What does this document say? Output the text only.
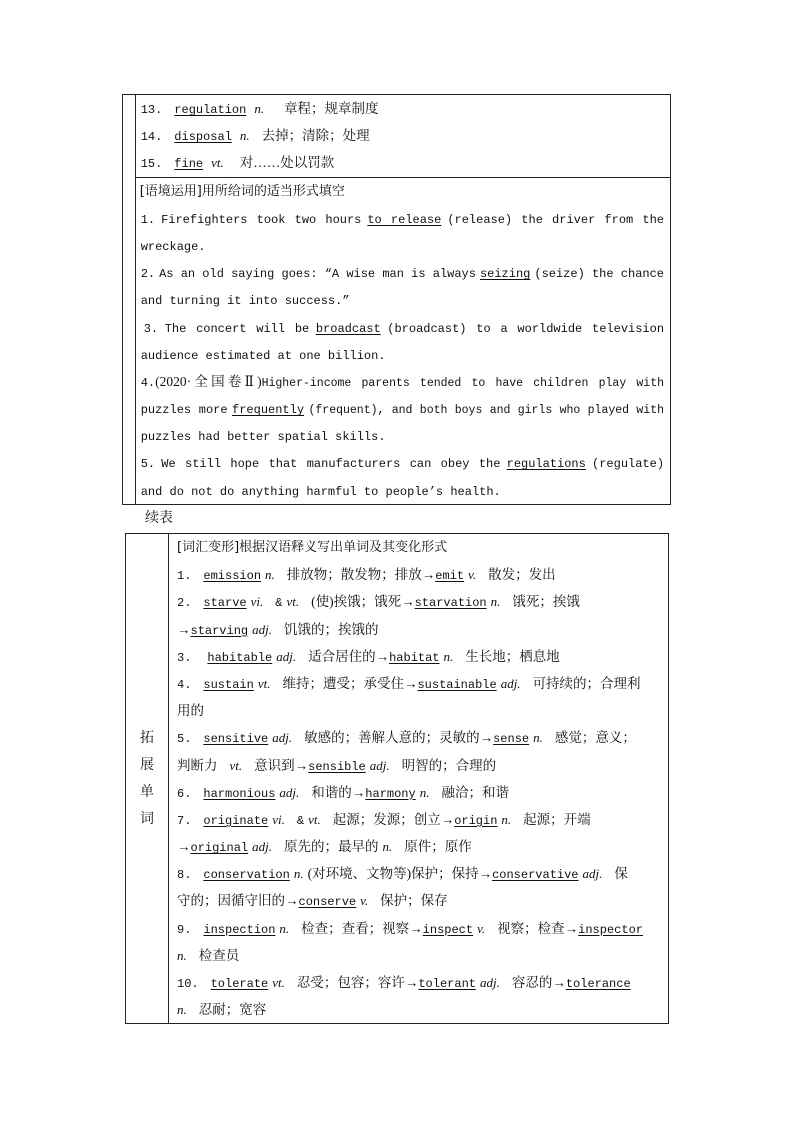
13. regulation n. 章程；规章制度
14. disposal n. 去掉；清除；处理
15. fine vt. 对……处以罚款

[语境运用]用所给词的适当形式填空
1. Firefighters took two hours to release (release) the driver from the
wreckage.
2. As an old saying goes: “A wise man is always seizing (seize) the chance
and turning it into success.”
3. The concert will be broadcast (broadcast) to a worldwide television
audience estimated at one billion.
4.(2020·全国卷Ⅱ)Higher-income parents tended to have children play with
puzzles more frequently (frequent), and both boys and girls who played with
puzzles had better spatial skills.
5. We still hope that manufacturers can obey the regulations (regulate)
and do not do anything harmful to people’s health.
续表
拓
展
单
词

[词汇变形]根据汉语释义写出单词及其变化形式
1. emission n. 排放物；散发物；排放→emit v. 散发；发出
2. starve vi. & vt. (使)挨饿；饿死→starvation n. 饿死；挨饿
→starving adj. 饥饿的；挨饿的
3. habitable adj. 适合居住的→habitat n. 生长地；栖息地
4. sustain vt. 维持；遭受；承受住→sustainable adj. 可持续的；合理利
用的
5. sensitive adj. 敏感的；善解人意的；灵敏的→sense n. 感觉；意义；
判断力 vt. 意识到→sensible adj. 明智的；合理的
6. harmonious adj. 和谐的→harmony n. 融洽；和谐
7. originate vi. & vt. 起源；发源；创立→origin n. 起源；开端
→original adj. 原先的；最早的 n. 原件；原作
8. conservation n. (对环境、文物等)保护；保持→conservative adj. 保
守的；因循守旧的→conserve v. 保护；保存
9. inspection n. 检查；查看；视察→inspect v. 视察；检查→inspector
n. 检查员
10. tolerate vt. 忍受；包容；容许→tolerant adj. 容忍的→tolerance
n. 忍耐；宽容
